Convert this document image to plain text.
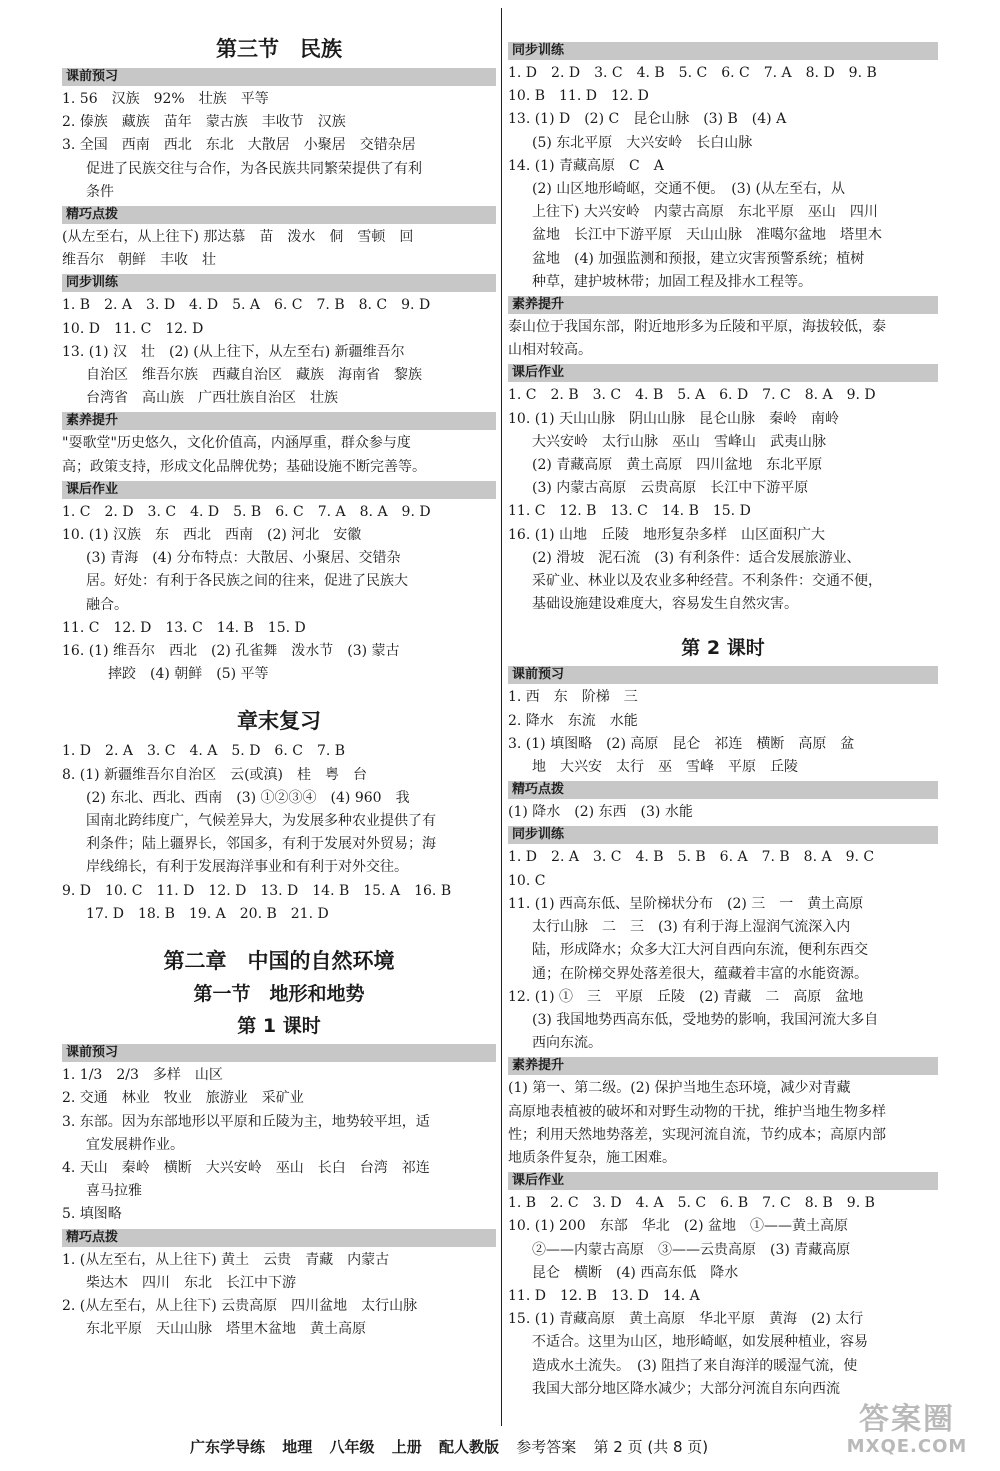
第三节　民族
课前预习
1. 56　汉族　92%　壮族　平等
2. 傣族　藏族　苗年　蒙古族　丰收节　汉族
3. 全国　西南　西北　东北　大散居　小聚居　交错杂居
促进了民族交往与合作，为各民族共同繁荣提供了有利
条件
精巧点拨
(从左至右，从上往下) 那达慕　苗　泼水　侗　雪顿　回
维吾尔　朝鲜　丰收　壮
同步训练
1. B　2. A　3. D　4. D　5. A　6. C　7. B　8. C　9. D
10. D　11. C　12. D
13. (1) 汉　壮　(2) (从上往下，从左至右) 新疆维吾尔
自治区　维吾尔族　西藏自治区　藏族　海南省　黎族
台湾省　高山族　广西壮族自治区　壮族
素养提升
"耍歌堂"历史悠久，文化价值高，内涵厚重，群众参与度
高；政策支持，形成文化品牌优势；基础设施不断完善等。
课后作业
1. C　2. D　3. C　4. D　5. B　6. C　7. A　8. A　9. D
10. (1) 汉族　东　西北　西南　(2) 河北　安徽
(3) 青海　(4) 分布特点：大散居、小聚居、交错杂
居。好处：有利于各民族之间的往来，促进了民族大
融合。
11. C　12. D　13. C　14. B　15. D
16. (1) 维吾尔　西北　(2) 孔雀舞　泼水节　(3) 蒙古
摔跤　(4) 朝鲜　(5) 平等
章末复习
1. D　2. A　3. C　4. A　5. D　6. C　7. B
8. (1) 新疆维吾尔自治区　云(或滇)　桂　粤　台
(2) 东北、西北、西南　(3) ①②③④　(4) 960　我
国南北跨纬度广，气候差异大，为发展多种农业提供了有
利条件；陆上疆界长，邻国多，有利于发展对外贸易；海
岸线绵长，有利于发展海洋事业和有利于对外交往。
9. D　10. C　11. D　12. D　13. D　14. B　15. A　16. B
17. D　18. B　19. A　20. B　21. D
第二章　中国的自然环境
第一节　地形和地势
第 1 课时
课前预习
1. 1/3　2/3　多样　山区
2. 交通　林业　牧业　旅游业　采矿业
3. 东部。因为东部地形以平原和丘陵为主，地势较平坦，适
宜发展耕作业。
4. 天山　秦岭　横断　大兴安岭　巫山　长白　台湾　祁连
喜马拉雅
5. 填图略
精巧点拨
1. (从左至右，从上往下) 黄土　云贵　青藏　内蒙古
柴达木　四川　东北　长江中下游
2. (从左至右，从上往下) 云贵高原　四川盆地　太行山脉
东北平原　天山山脉　塔里木盆地　黄土高原
同步训练
1. D　2. D　3. C　4. B　5. C　6. C　7. A　8. D　9. B
10. B　11. D　12. D
13. (1) D　(2) C　昆仑山脉　(3) B　(4) A
(5) 东北平原　大兴安岭　长白山脉
14. (1) 青藏高原　C　A
(2) 山区地形崎岖，交通不便。　(3) (从左至右，从
上往下) 大兴安岭　内蒙古高原　东北平原　巫山　四川
盆地　长江中下游平原　天山山脉　准噶尔盆地　塔里木
盆地　(4) 加强监测和预报，建立灾害预警系统；植树
种草，建护坡林带；加固工程及排水工程等。
素养提升
泰山位于我国东部，附近地形多为丘陵和平原，海拔较低，泰
山相对较高。
课后作业
1. C　2. B　3. C　4. B　5. A　6. D　7. C　8. A　9. D
10. (1) 天山山脉　阴山山脉　昆仑山脉　秦岭　南岭
大兴安岭　太行山脉　巫山　雪峰山　武夷山脉
(2) 青藏高原　黄土高原　四川盆地　东北平原
(3) 内蒙古高原　云贵高原　长江中下游平原
11. C　12. B　13. C　14. B　15. D
16. (1) 山地　丘陵　地形复杂多样　山区面积广大
(2) 滑坡　泥石流　(3) 有利条件：适合发展旅游业、
采矿业、林业以及农业多种经营。不利条件：交通不便，
基础设施建设难度大，容易发生自然灾害。
第 2 课时
课前预习
1. 西　东　阶梯　三
2. 降水　东流　水能
3. (1) 填图略　(2) 高原　昆仑　祁连　横断　高原　盆
地　大兴安　太行　巫　雪峰　平原　丘陵
精巧点拨
(1) 降水　(2) 东西　(3) 水能
同步训练
1. D　2. A　3. C　4. B　5. B　6. A　7. B　8. A　9. C
10. C
11. (1) 西高东低、呈阶梯状分布　(2) 三　一　黄土高原
太行山脉　二　三　(3) 有利于海上湿润气流深入内
陆，形成降水；众多大江大河自西向东流，便利东西交
通；在阶梯交界处落差很大，蕴藏着丰富的水能资源。
12. (1) ①　三　平原　丘陵　(2) 青藏　二　高原　盆地
(3) 我国地势西高东低，受地势的影响，我国河流大多自
西向东流。
素养提升
(1) 第一、第二级。(2) 保护当地生态环境，减少对青藏
高原地表植被的破坏和对野生动物的干扰，维护当地生物多样
性；利用天然地势落差，实现河流自流，节约成本；高原内部
地质条件复杂，施工困难。
课后作业
1. B　2. C　3. D　4. A　5. C　6. B　7. C　8. B　9. B
10. (1) 200　东部　华北　(2) 盆地　①——黄土高原
②——内蒙古高原　③——云贵高原　(3) 青藏高原
昆仑　横断　(4) 西高东低　降水
11. D　12. B　13. D　14. A
15. (1) 青藏高原　黄土高原　华北平原　黄海　(2) 太行
不适合。这里为山区，地形崎岖，如发展种植业，容易
造成水土流失。　(3) 阻挡了来自海洋的暖湿气流，使
我国大部分地区降水减少；大部分河流自东向西流
广东学导练 地理 八年级 上册 配人教版 参考答案 第 2 页 (共 8 页)
答案圈
MXQE.COM
